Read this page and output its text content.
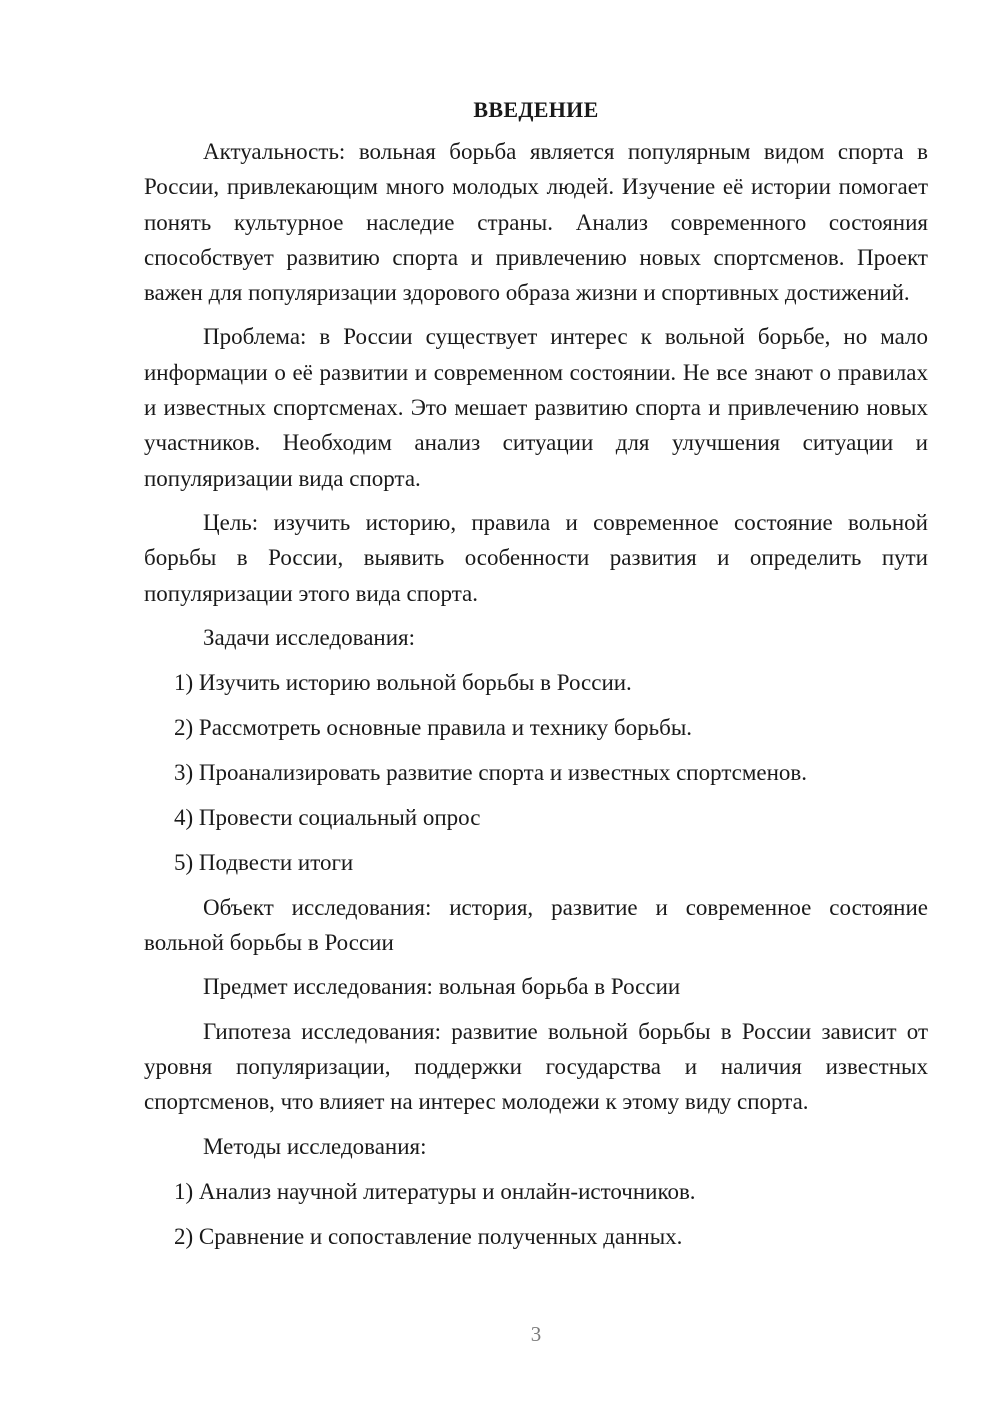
ВВЕДЕНИЕ

Актуальность: вольная борьба является популярным видом спорта в России, привлекающим много молодых людей. Изучение её истории помогает понять культурное наследие страны. Анализ современного состояния способствует развитию спорта и привлечению новых спортсменов. Проект важен для популяризации здорового образа жизни и спортивных достижений.

Проблема: в России существует интерес к вольной борьбе, но мало информации о её развитии и современном состоянии. Не все знают о правилах и известных спортсменах. Это мешает развитию спорта и привлечению новых участников. Необходим анализ ситуации для улучшения ситуации и популяризации вида спорта.

Цель: изучить историю, правила и современное состояние вольной борьбы в России, выявить особенности развития и определить пути популяризации этого вида спорта.

Задачи исследования:
1) Изучить историю вольной борьбы в России.
2) Рассмотреть основные правила и технику борьбы.
3) Проанализировать развитие спорта и известных спортсменов.
4) Провести социальный опрос
5) Подвести итоги

Объект исследования: история, развитие и современное состояние вольной борьбы в России

Предмет исследования: вольная борьба в России

Гипотеза исследования: развитие вольной борьбы в России зависит от уровня популяризации, поддержки государства и наличия известных спортсменов, что влияет на интерес молодежи к этому виду спорта.

Методы исследования:
1) Анализ научной литературы и онлайн-источников.
2) Сравнение и сопоставление полученных данных.
3
